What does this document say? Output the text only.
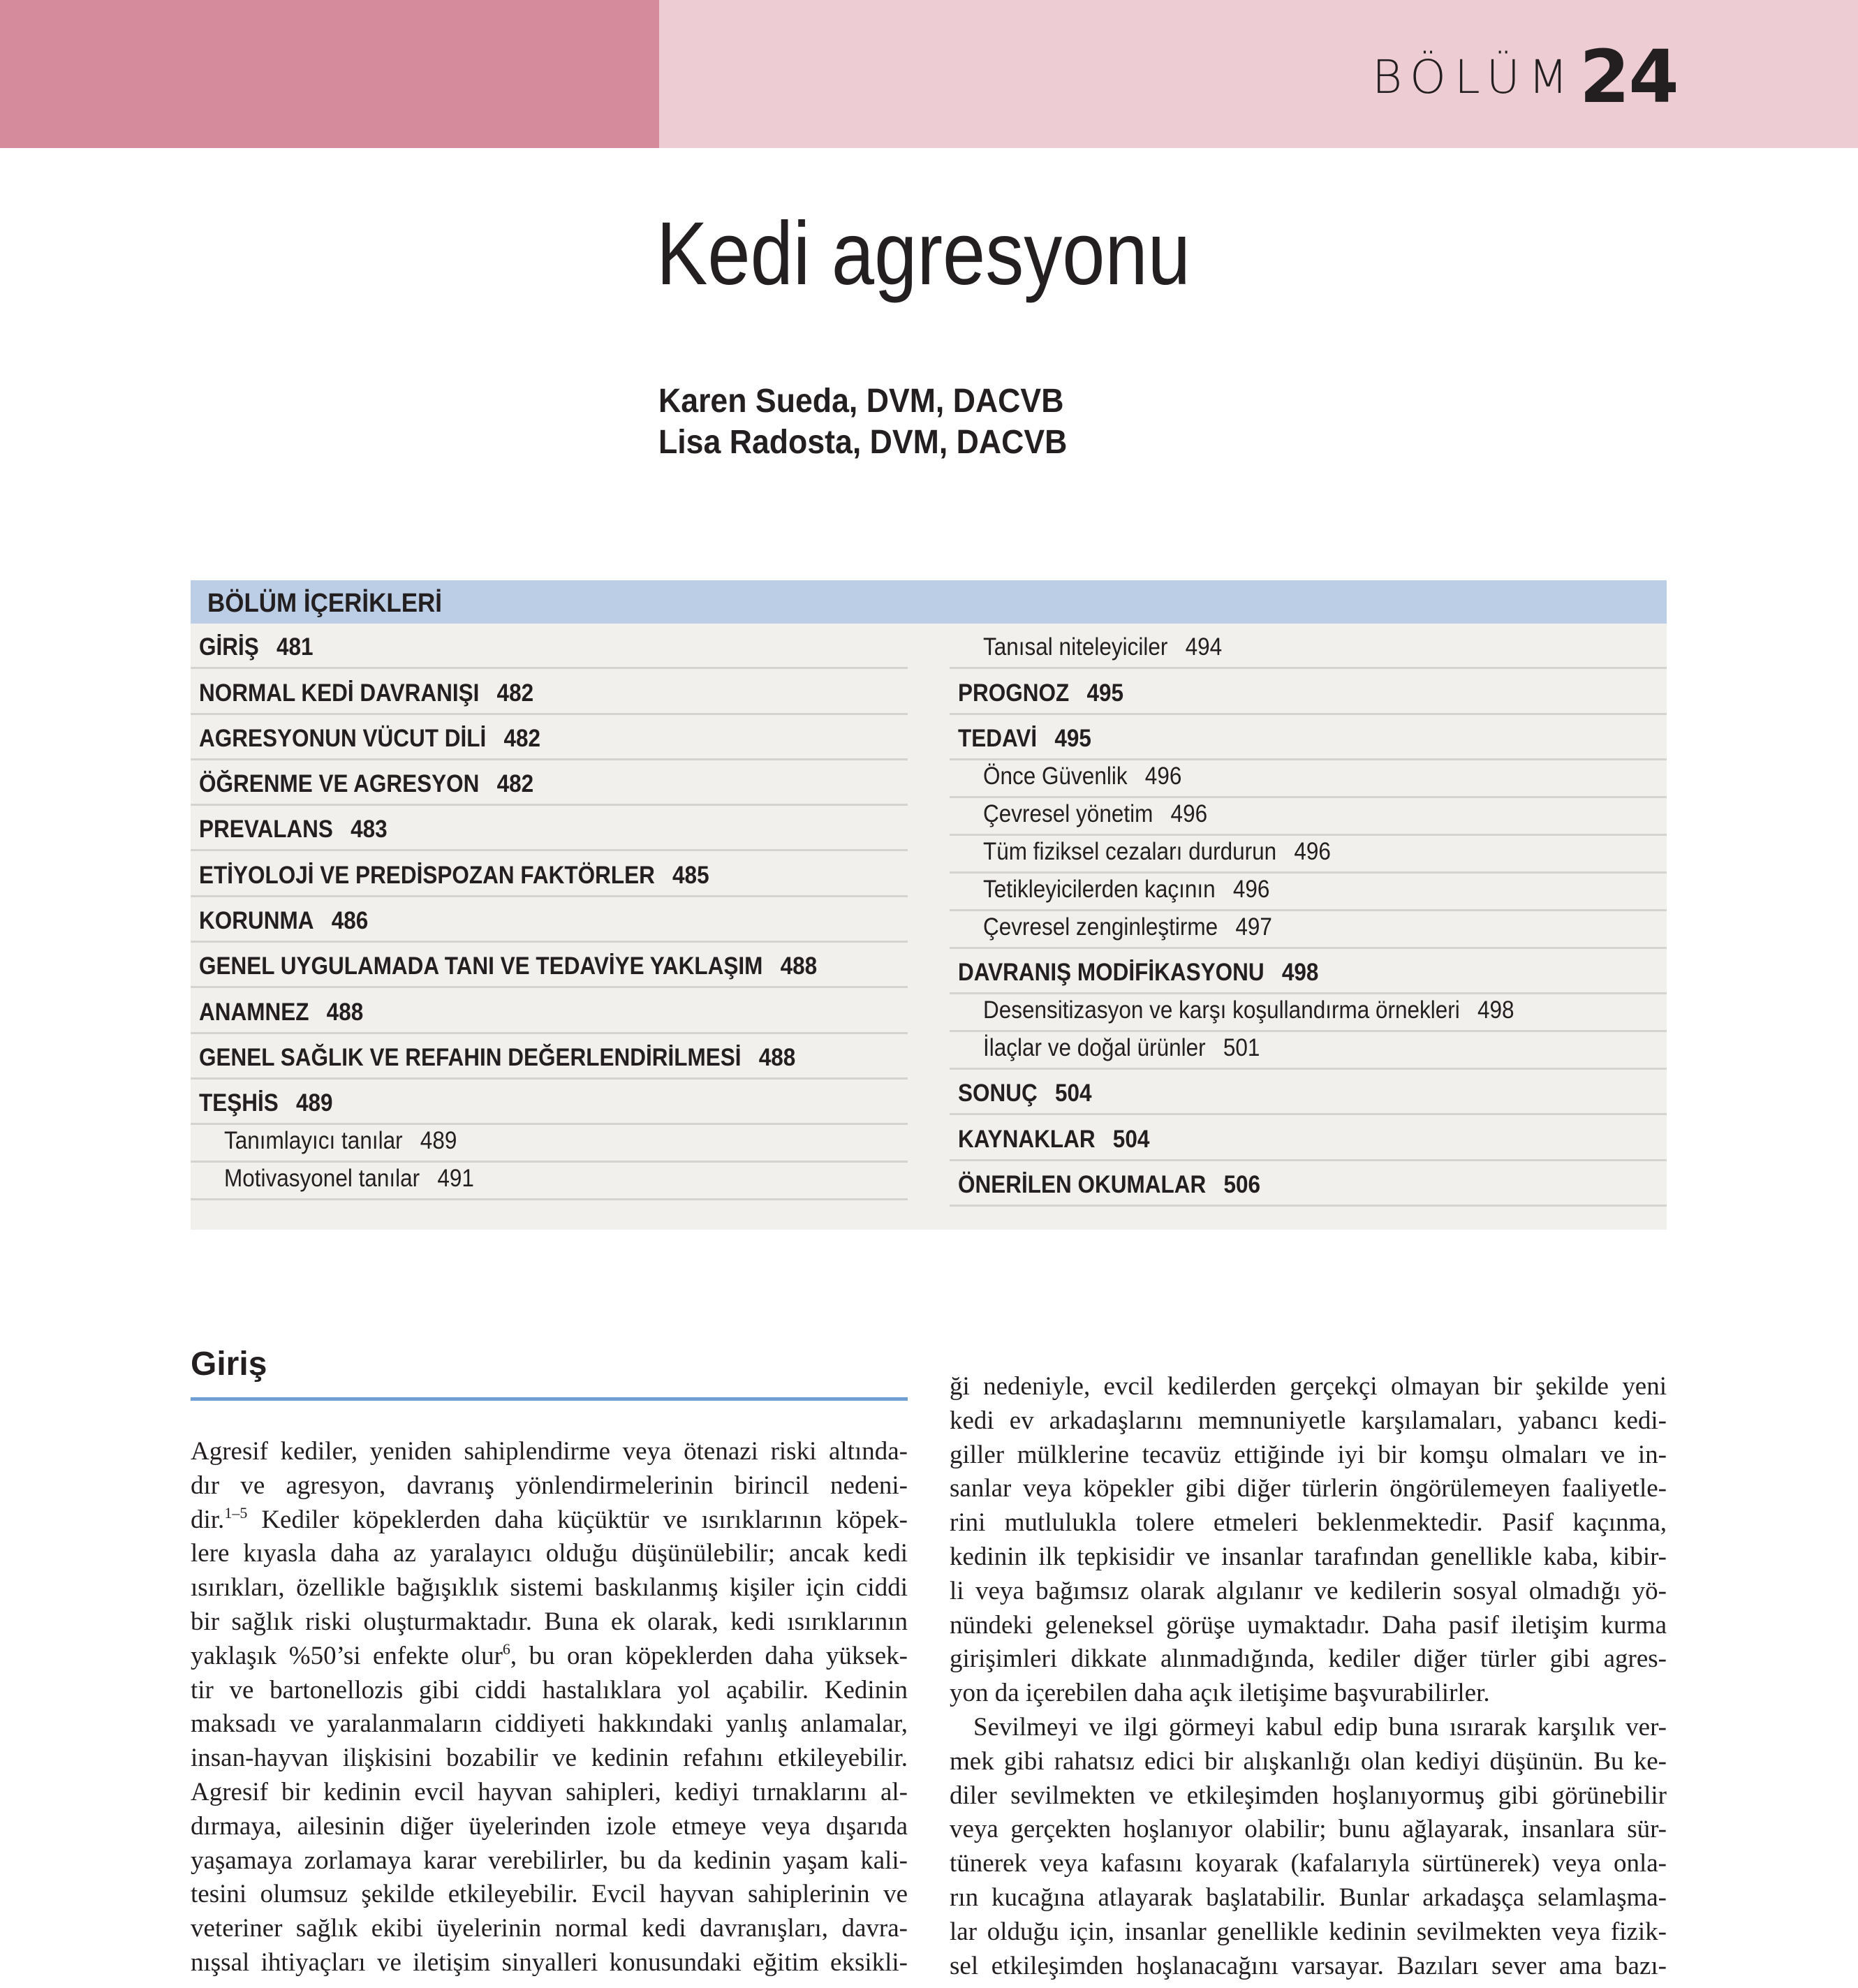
BÖLÜM 24
Kedi agresyonu
Karen Sueda, DVM, DACVB
Lisa Radosta, DVM, DACVB
BÖLÜM İÇERİKLERİ
GİRİŞ 481
NORMAL KEDİ DAVRANIŞI 482
AGRESYONUN VÜCUT DİLİ 482
ÖĞRENME VE AGRESYON 482
PREVALANS 483
ETİYOLOJİ VE PREDİSPOZAN FAKTÖRLER 485
KORUNMA 486
GENEL UYGULAMADA TANI VE TEDAVİYE YAKLAŞIM 488
ANAMNEZ 488
GENEL SAĞLIK VE REFAHIN DEĞERLENDİRİLMESİ 488
TEŞHİS 489
Tanımlayıcı tanılar 489
Motivasyonel tanılar 491
Tanısal niteleyiciler 494
PROGNOZ 495
TEDAVİ 495
Önce Güvenlik 496
Çevresel yönetim 496
Tüm fiziksel cezaları durdurun 496
Tetikleyicilerden kaçının 496
Çevresel zenginleştirme 497
DAVRANIŞ MODİFİKASYONU 498
Desensitizasyon ve karşı koşullandırma örnekleri 498
İlaçlar ve doğal ürünler 501
SONUÇ 504
KAYNAKLAR 504
ÖNERİLEN OKUMALAR 506
Giriş
Agresif kediler, yeniden sahiplendirme veya ötenazi riski altında-
dır ve agresyon, davranış yönlendirmelerinin birincil nedeni-
dir.$^{1-5}$ Kediler köpeklerden daha küçüktür ve ısırıklarının köpek-
lere kıyasla daha az yaralayıcı olduğu düşünülebilir; ancak kedi
ısırıkları, özellikle bağışıklık sistemi baskılanmış kişiler için ciddi
bir sağlık riski oluşturmaktadır. Buna ek olarak, kedi ısırıklarının
yaklaşık %50’si enfekte olur$^6$, bu oran köpeklerden daha yüksek-
tir ve bartonellozis gibi ciddi hastalıklara yol açabilir. Kedinin
maksadı ve yaralanmaların ciddiyeti hakkındaki yanlış anlamalar,
insan-hayvan ilişkisini bozabilir ve kedinin refahını etkileyebilir.
Agresif bir kedinin evcil hayvan sahipleri, kediyi tırnaklarını al-
dırmaya, ailesinin diğer üyelerinden izole etmeye veya dışarıda
yaşamaya zorlamaya karar verebilirler, bu da kedinin yaşam kali-
tesini olumsuz şekilde etkileyebilir. Evcil hayvan sahiplerinin ve
veteriner sağlık ekibi üyelerinin normal kedi davranışları, davra-
nışsal ihtiyaçları ve iletişim sinyalleri konusundaki eğitim eksikli-
ği nedeniyle, evcil kedilerden gerçekçi olmayan bir şekilde yeni
kedi ev arkadaşlarını memnuniyetle karşılamaları, yabancı kedi-
giller mülklerine tecavüz ettiğinde iyi bir komşu olmaları ve in-
sanlar veya köpekler gibi diğer türlerin öngörülemeyen faaliyetle-
rini mutlulukla tolere etmeleri beklenmektedir. Pasif kaçınma,
kedinin ilk tepkisidir ve insanlar tarafından genellikle kaba, kibir-
li veya bağımsız olarak algılanır ve kedilerin sosyal olmadığı yö-
nündeki geleneksel görüşe uymaktadır. Daha pasif iletişim kurma
girişimleri dikkate alınmadığında, kediler diğer türler gibi agres-
yon da içerebilen daha açık iletişime başvurabilirler.
Sevilmeyi ve ilgi görmeyi kabul edip buna ısırarak karşılık ver-
mek gibi rahatsız edici bir alışkanlığı olan kediyi düşünün. Bu ke-
diler sevilmekten ve etkileşimden hoşlanıyormuş gibi görünebilir
veya gerçekten hoşlanıyor olabilir; bunu ağlayarak, insanlara sür-
tünerek veya kafasını koyarak (kafalarıyla sürtünerek) veya onla-
rın kucağına atlayarak başlatabilir. Bunlar arkadaşça selamlaşma-
lar olduğu için, insanlar genellikle kedinin sevilmekten veya fizik-
sel etkileşimden hoşlanacağını varsayar. Bazıları sever ama bazı-
